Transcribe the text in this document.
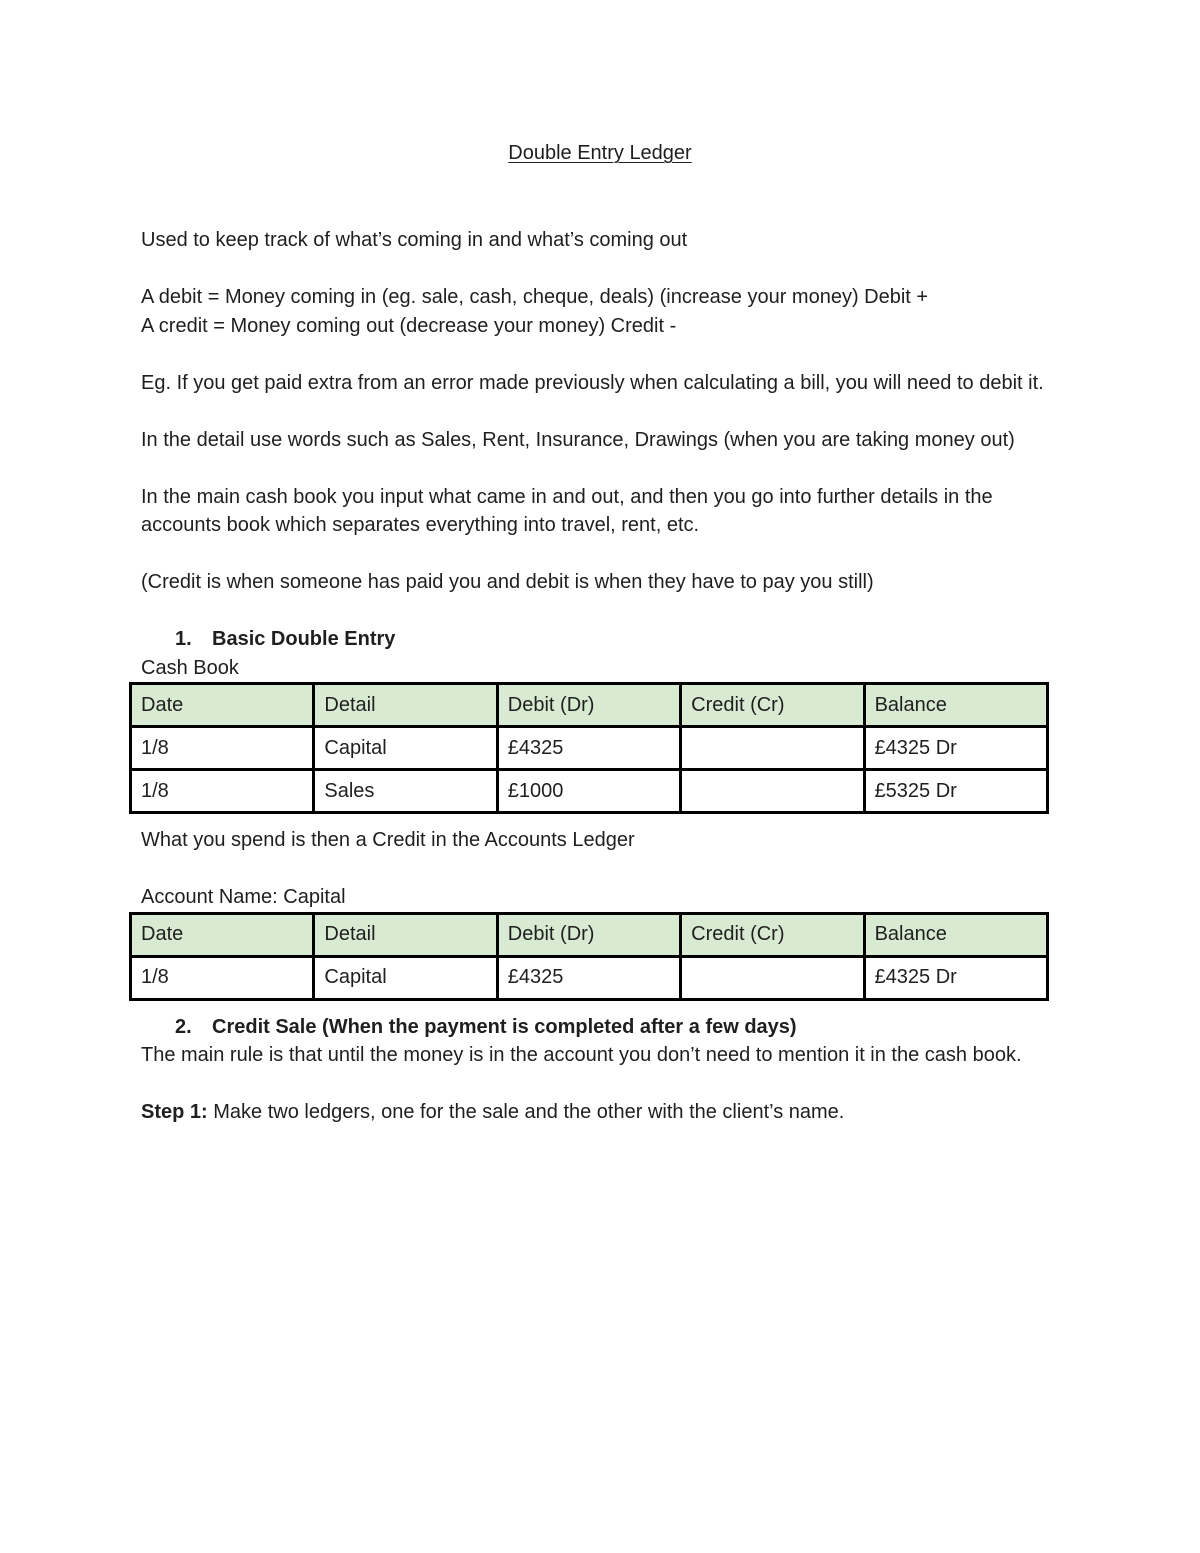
Double Entry Ledger

Used to keep track of what’s coming in and what’s coming out

A debit = Money coming in (eg. sale, cash, cheque, deals) (increase your money) Debit +

A credit = Money coming out (decrease your money) Credit -

Eg. If you get paid extra from an error made previously when calculating a bill, you will need to debit it.

In the detail use words such as Sales, Rent, Insurance, Drawings (when you are taking money out)

In the main cash book you input what came in and out, and then you go into further details in the accounts book which separates everything into travel, rent, etc.

(Credit is when someone has paid you and debit is when they have to pay you still)

1.	Basic Double Entry

Cash Book

Date	Detail	Debit (Dr)	Credit (Cr)	Balance
1/8	Capital	£4325		£4325 Dr
1/8	Sales	£1000		£5325 Dr

What you spend is then a Credit in the Accounts Ledger

Account Name: Capital

Date	Detail	Debit (Dr)	Credit (Cr)	Balance
1/8	Capital	£4325		£4325 Dr
2.	Credit Sale (When the payment is completed after a few days)

The main rule is that until the money is in the account you don’t need to mention it in the cash book.

Step 1: Make two ledgers, one for the sale and the other with the client’s name.
